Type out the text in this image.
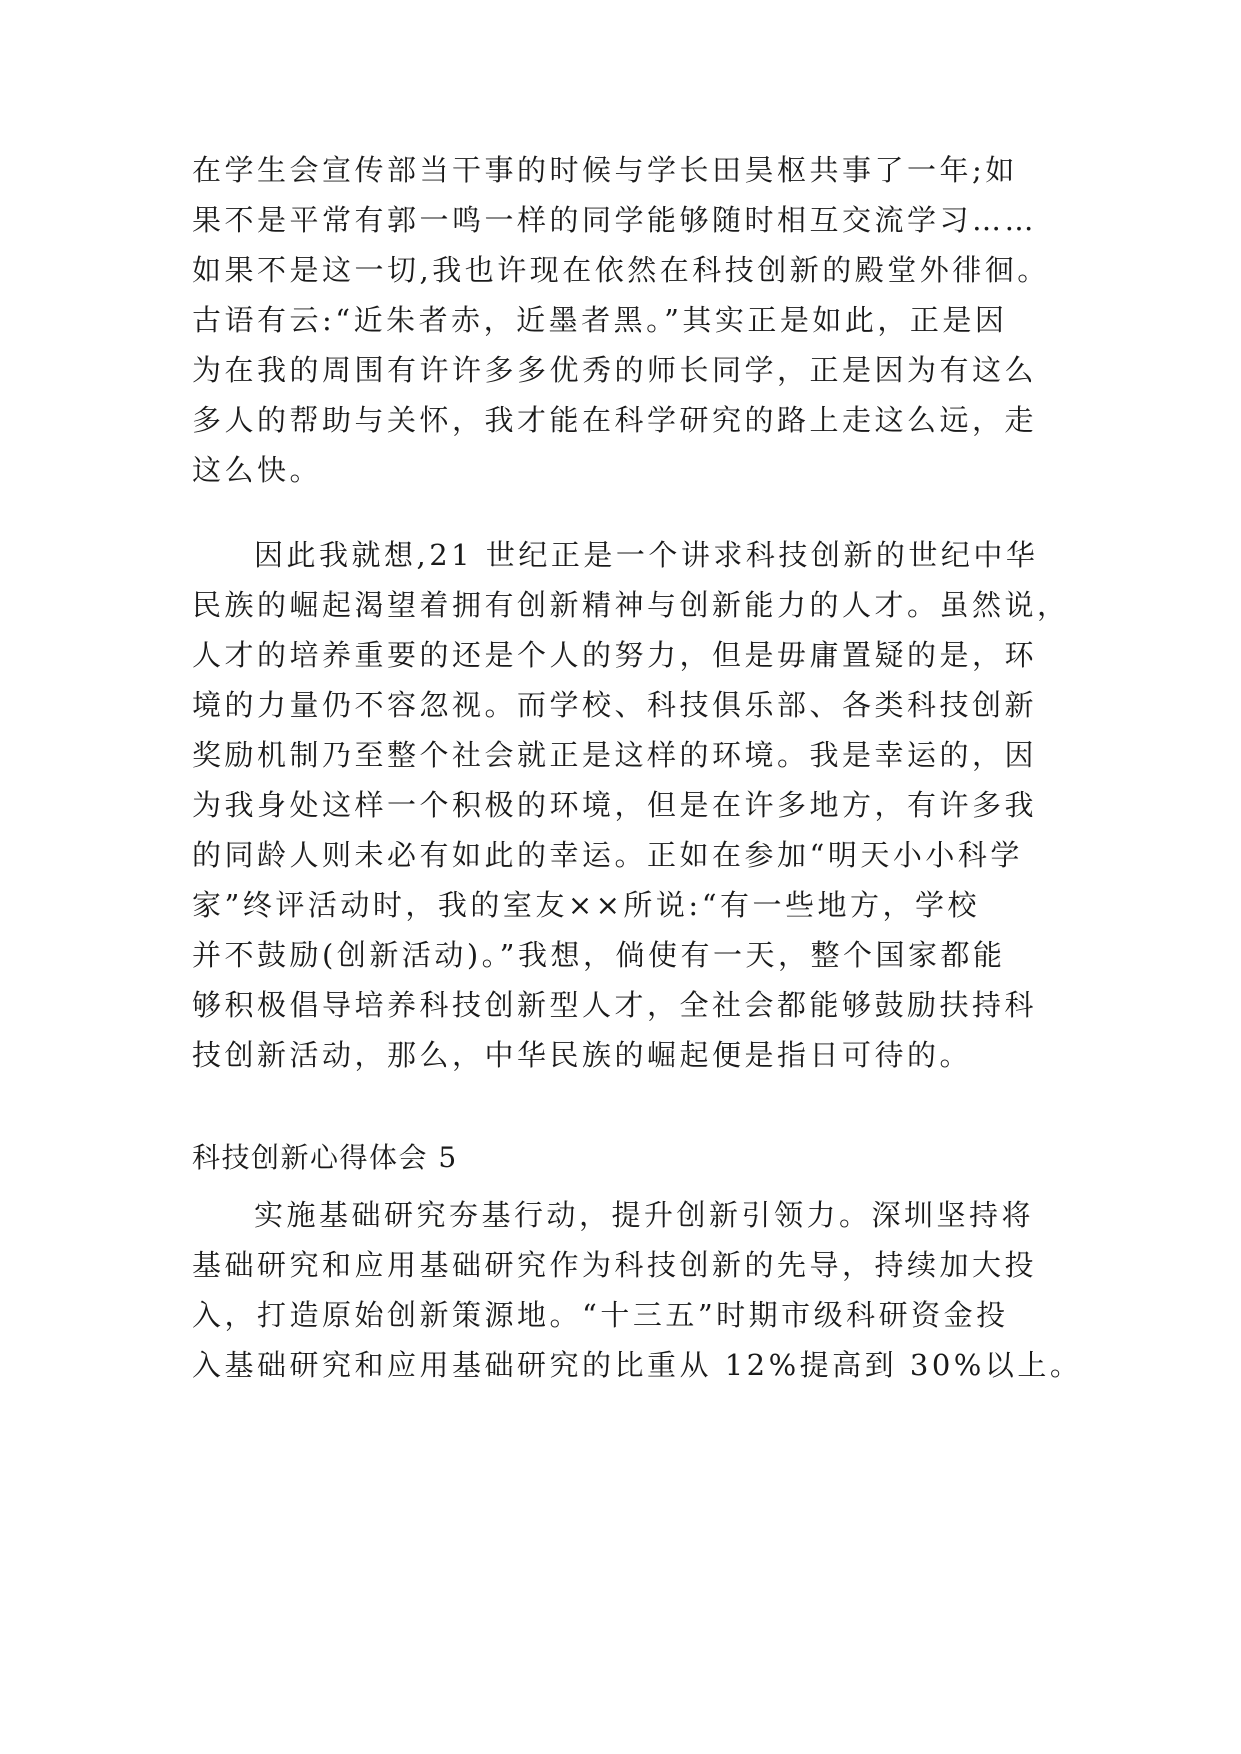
在学生会宣传部当干事的时候与学长田昊枢共事了一年;如

果不是平常有郭一鸣一样的同学能够随时相互交流学习……

如果不是这一切,我也许现在依然在科技创新的殿堂外徘徊。

古语有云:“近朱者赤，近墨者黑。”其实正是如此，正是因

为在我的周围有许许多多优秀的师长同学，正是因为有这么

多人的帮助与关怀，我才能在科学研究的路上走这么远，走

这么快。

因此我就想,21 世纪正是一个讲求科技创新的世纪中华

民族的崛起渴望着拥有创新精神与创新能力的人才。虽然说，

人才的培养重要的还是个人的努力，但是毋庸置疑的是，环

境的力量仍不容忽视。而学校、科技俱乐部、各类科技创新

奖励机制乃至整个社会就正是这样的环境。我是幸运的，因

为我身处这样一个积极的环境，但是在许多地方，有许多我

的同龄人则未必有如此的幸运。正如在参加“明天小小科学

家”终评活动时，我的室友××所说:“有一些地方，学校

并不鼓励(创新活动)。”我想，倘使有一天，整个国家都能

够积极倡导培养科技创新型人才，全社会都能够鼓励扶持科

技创新活动，那么，中华民族的崛起便是指日可待的。

科技创新心得体会 5

实施基础研究夯基行动，提升创新引领力。深圳坚持将

基础研究和应用基础研究作为科技创新的先导，持续加大投

入，打造原始创新策源地。“十三五”时期市级科研资金投

入基础研究和应用基础研究的比重从 12%提高到 30%以上。
